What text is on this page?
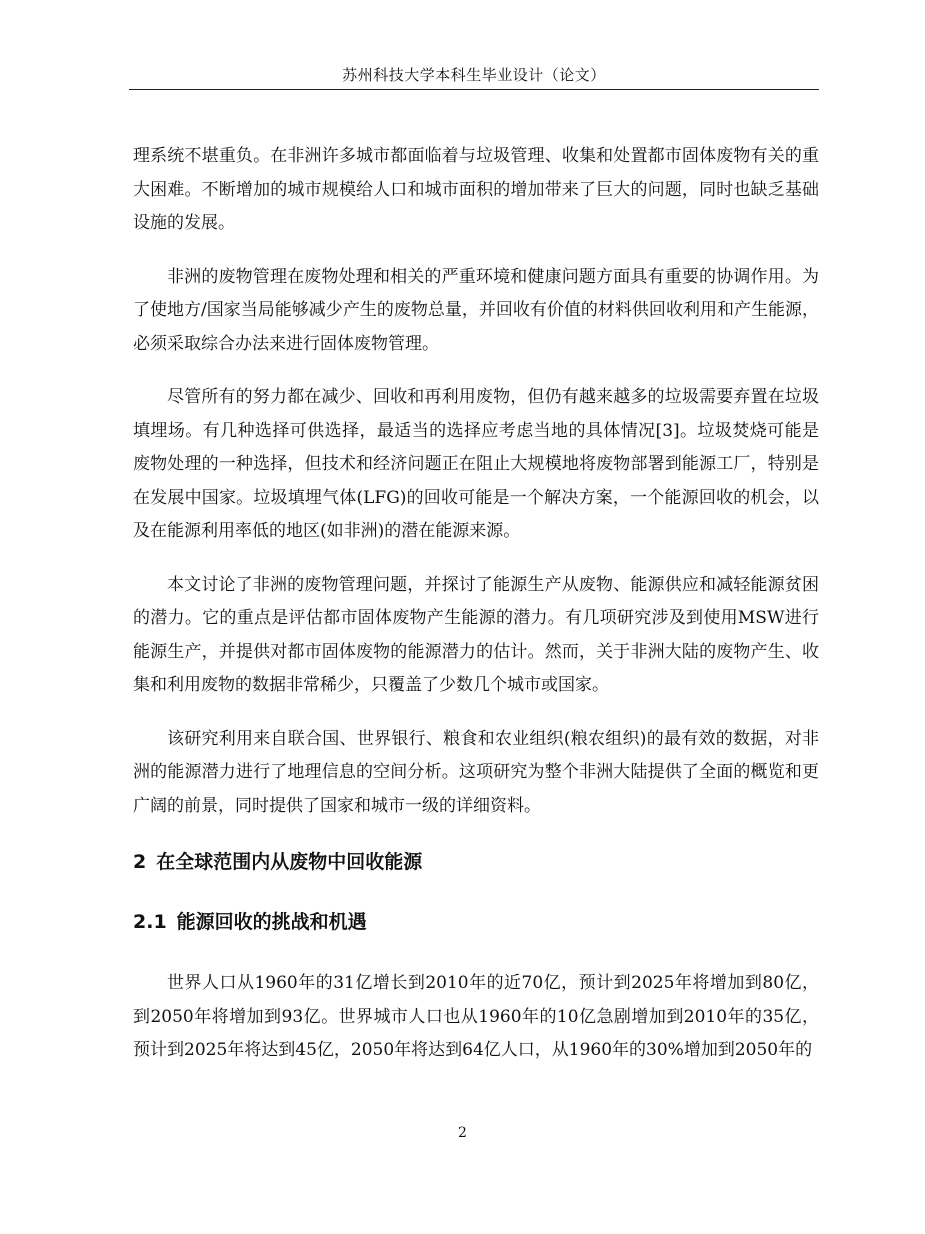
苏州科技大学本科生毕业设计（论文）

理系统不堪重负。在非洲许多城市都面临着与垃圾管理、收集和处置都市固体废物有关的重大困难。不断增加的城市规模给人口和城市面积的增加带来了巨大的问题，同时也缺乏基础设施的发展。

非洲的废物管理在废物处理和相关的严重环境和健康问题方面具有重要的协调作用。为了使地方/国家当局能够减少产生的废物总量，并回收有价值的材料供回收利用和产生能源，必须采取综合办法来进行固体废物管理。

尽管所有的努力都在减少、回收和再利用废物，但仍有越来越多的垃圾需要弃置在垃圾填埋场。有几种选择可供选择，最适当的选择应考虑当地的具体情况[3]。垃圾焚烧可能是废物处理的一种选择，但技术和经济问题正在阻止大规模地将废物部署到能源工厂，特别是在发展中国家。垃圾填埋气体(LFG)的回收可能是一个解决方案，一个能源回收的机会，以及在能源利用率低的地区(如非洲)的潜在能源来源。

本文讨论了非洲的废物管理问题，并探讨了能源生产从废物、能源供应和减轻能源贫困的潜力。它的重点是评估都市固体废物产生能源的潜力。有几项研究涉及到使用MSW进行能源生产，并提供对都市固体废物的能源潜力的估计。然而，关于非洲大陆的废物产生、收集和利用废物的数据非常稀少，只覆盖了少数几个城市或国家。

该研究利用来自联合国、世界银行、粮食和农业组织(粮农组织)的最有效的数据，对非洲的能源潜力进行了地理信息的空间分析。这项研究为整个非洲大陆提供了全面的概览和更广阔的前景，同时提供了国家和城市一级的详细资料。

2 在全球范围内从废物中回收能源
2.1 能源回收的挑战和机遇

世界人口从1960年的31亿增长到2010年的近70亿，预计到2025年将增加到80亿，到2050年将增加到93亿。世界城市人口也从1960年的10亿急剧增加到2010年的35亿，预计到2025年将达到45亿，2050年将达到64亿人口，从1960年的30%增加到2050年的

2
